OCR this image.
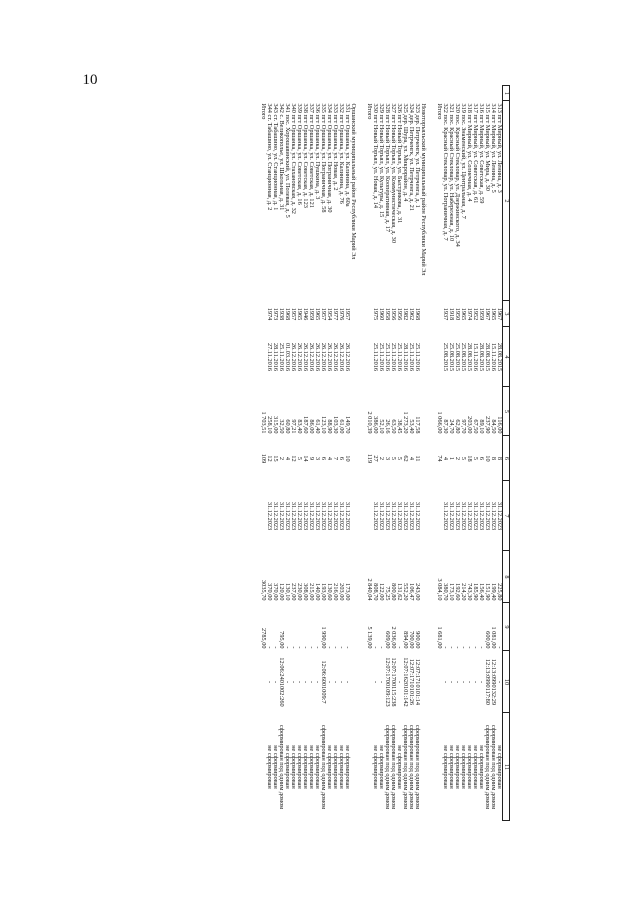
10
1	2	3	4	5	6	7	8	9	10	11
	313 пгт Мирный, ул. Ленина, д. 3	1967	28.08.2015	116,00	8	31.12.2023	225,80	-	-	не сформирован
	314 пгт Мирный, ул. Ленина, д. 5	1965	15.11.2016	84,50	8	31.12.2023	199,40	1 081,00	12:13:0990132:29	сформирован под одним домом
	315 пгт Мирный, ул. Мира, д. 30	1967	28.08.2015	237,90	10	31.12.2023	151,90	600,00	12:13:0990117:80	сформирован под одним домом
	316 пгт Мирный, ул. Советская, д. 59	1959	28.08.2015	89,10	6	31.12.2023	156,40	-	-	не сформирован
	317 пгт Мирный, ул. Советская, д. 61	1952	15.11.2016	67,50	5	31.12.2023	185,90	-	-	не сформирован
	318 пгт Мирный, ул. Солнечная, д. 4	1974	28.08.2015	203,00	18	31.12.2023	743,30	-	-	не сформирован
	319 пос. Знаменский, ул. Центральная, д. 7	1965	25.08.2015	97,70	5	31.12.2023	214,20	-	-	не сформирован
	320 пос. Красный Стекловар, ул. Дзержинского, д. 34	1950	25.08.2015	62,80	2	31.12.2023	192,60	-	-	не сформирован
	321 пос. Красный Стекловар, ул. Набережная, д. 10	1918	25.08.2015	24,70	1	31.12.2023	173,10	-	-	не сформирован
	322 пос. Красный Стекловар, ул. Пограничная, д. 7	1937	25.08.2015	87,30	4	31.12.2023	380,70	-	-	не сформирован
	Итого			1 066,00	74		3 084,10	1 681,00		

	Новоторъяльский муниципальный район Республики Марий Эл									
	323 дер. Петрченгк, ул. Петрченга, д. 1	1968	25.11.2016	117,58	11	31.12.2023	243,00	900,00	12:07:1710101:14	сформирован под одним домом
	324 дер. Петрченгк, ул. Петрченга, д. 21	1962	25.11.2016	53,40	4	31.12.2023	106,47	700,00	12:07:1710101:26	сформирован под одним домом
	325 дер. Шура, ул. Микрорайон, д. 4	1982	28.11.2016	1 273,20	62	31.12.2023	552,20	894,00	12:07:1620101:142	сформирован под одним домом
	326 пгт Новый Торъял, ул. Быстрикова, д. 31	1956	25.11.2016	38,45	5	31.12.2023	131,62	-	-	не сформирован
	327 пгт Новый Торъял, ул. Коммунистическая, д. 30	1956	25.11.2016	63,50	5	31.12.2023	800,80	2 036,00	12:07:1700115:238	сформирован под одним домом
	328 пгт Новый Торъял, ул. Кооперативная, д. 17	1958	25.11.2016	26,16	3	31.12.2023	75,25	609,00	12:07:1700109:123	сформирован под одним домом
	329 пгт Новый Торъял, ул. Культуры, д. 15	1960	25.11.2016	52,10	2	31.12.2023	122,00	-	-	не сформирован
	330 пгт Новый Торъял, ул. Новая, д. 14	1975	25.11.2016	386,00	27	31.12.2023	808,70	-	-	не сформирован
	Итого			2 010,39	119		2 840,04	5 139,00		

	Оршанский муниципальный район Республики Марий Эл									
	331 пгт Оршанка, ул. Калинина, д. 60а	1957	26.12.2016	149,70	10	31.12.2023	173,00	-	-	не сформирован
	332 пгт Оршанка, ул. Калинина, д. 76	1976	26.12.2016	61,00	6	31.12.2023	203,00	-	-	не сформирован
	333 пгт Оршанка, ул. Новая, д. 2	1977	26.12.2016	103,30	7	31.12.2023	216,00	-	-	не сформирован
	334 пгт Оршанка, ул. Пограничная, д. 30	1954	26.12.2016	88,90	4	31.12.2023	130,60	-	-	не сформирован
	335 пгт Оршанка, ул. Пограничная, д. 58	1957	26.12.2016	123,10	6	31.12.2023	193,00	1 990,00	12:06:6001009:7	сформирован под одним домом
	336 пгт Оршанка, ул. Пушкина, д. 3	1965	26.12.2016	61,40	3	31.12.2023	140,00	-	-	не сформирован
	337 пгт Оршанка, ул. Советская, д. 121	1959	26.12.2016	86,00	9	31.12.2023	215,00	-	-	не сформирован
	338 пгт Оршанка, ул. Советская, д. 123	1946	26.12.2016	187,60	14	31.12.2023	308,00	-	-	не сформирован
	339 пгт Оршанка, ул. Советская, д. 16	1965	26.12.2016	83,40	5	31.12.2023	230,00	-	-	не сформирован
	340 пгт Оршанка, ул. Стахановская, д. 32	1957	26.12.2016	97,21	12	31.12.2023	237,00	-	-	не сформирован
	341 пос. Хорошавинский, ул. Полевая, д. 5	1968	01.03.2016	60,80	4	31.12.2023	130,10	-	-	не сформирован
	342 с. Великополье, ул. Школьная, д. 31	1938	25.11.2016	32,50	2	31.12.2023	120,00	795,00	12:06:2401002:260	сформирован под одним домом
	343 ст. Табашино, ул. Станционная, д. 1	1973	28.11.2016	315,00	15	31.12.2023	370,00	-	-	не сформирован
	344 ст. Табашино, ул. Станционная, д. 2	1974	27.11.2016	258,10	12	31.12.2023	370,00	-	-	не сформирован
	Итого			1 703,51	109		3035,70	2785,00		
